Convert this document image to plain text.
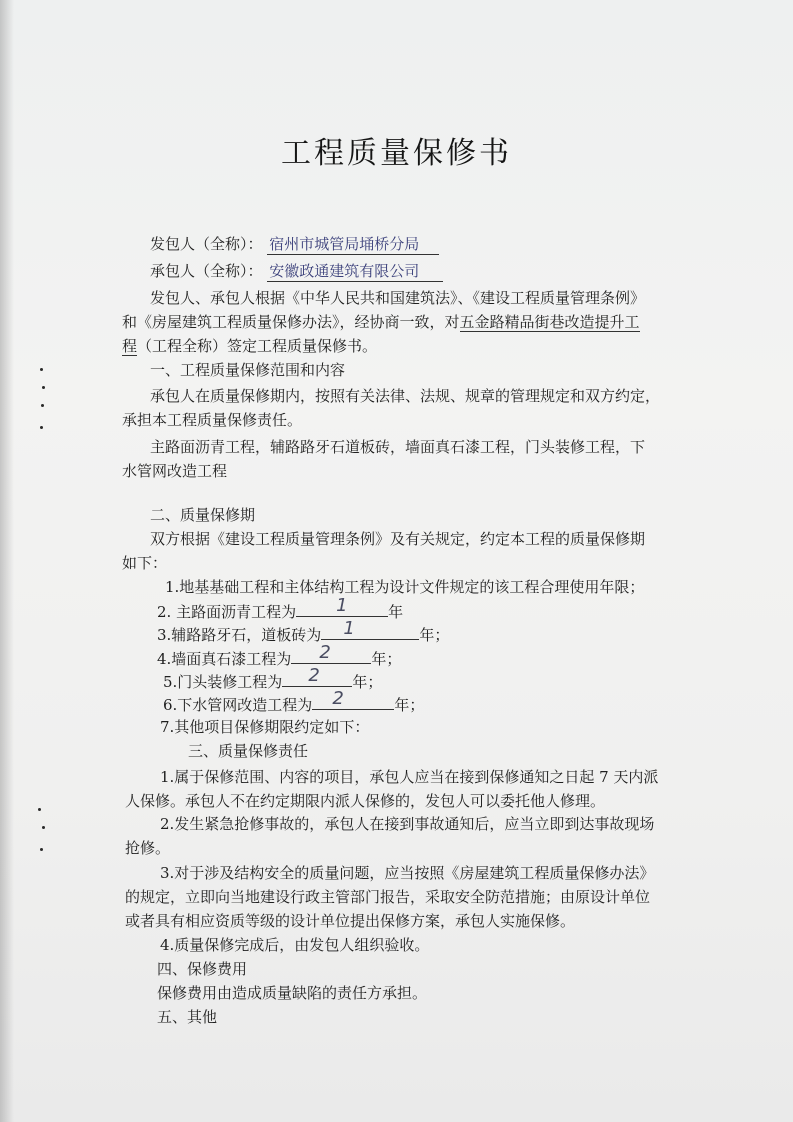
工程质量保修书
发包人（全称）： 宿州市城管局埇桥分局
承包人（全称）： 安徽政通建筑有限公司
发包人、承包人根据《中华人民共和国建筑法》、《建设工程质量管理条例》
和《房屋建筑工程质量保修办法》，经协商一致，对五金路精品街巷改造提升工
程（工程全称）签定工程质量保修书。
一、工程质量保修范围和内容
承包人在质量保修期内，按照有关法律、法规、规章的管理规定和双方约定，
承担本工程质量保修责任。
主路面沥青工程，辅路路牙石道板砖，墙面真石漆工程，门头装修工程，下
水管网改造工程
二、质量保修期
双方根据《建设工程质量管理条例》及有关规定，约定本工程的质量保修期
如下：
1.地基基础工程和主体结构工程为设计文件规定的该工程合理使用年限；
2. 主路面沥青工程为 1	年
3.辅路路牙石，道板砖为 1	年；
4.墙面真石漆工程为 2	年；
5.门头装修工程为 2 年；
6.下水管网改造工程为 2	年；
7.其他项目保修期限约定如下：
三、质量保修责任
1.属于保修范围、内容的项目，承包人应当在接到保修通知之日起 7 天内派
人保修。承包人不在约定期限内派人保修的，发包人可以委托他人修理。
2.发生紧急抢修事故的，承包人在接到事故通知后，应当立即到达事故现场
抢修。
3.对于涉及结构安全的质量问题，应当按照《房屋建筑工程质量保修办法》
的规定，立即向当地建设行政主管部门报告，采取安全防范措施；由原设计单位
或者具有相应资质等级的设计单位提出保修方案，承包人实施保修。
4.质量保修完成后，由发包人组织验收。
四、保修费用
保修费用由造成质量缺陷的责任方承担。
五、其他
